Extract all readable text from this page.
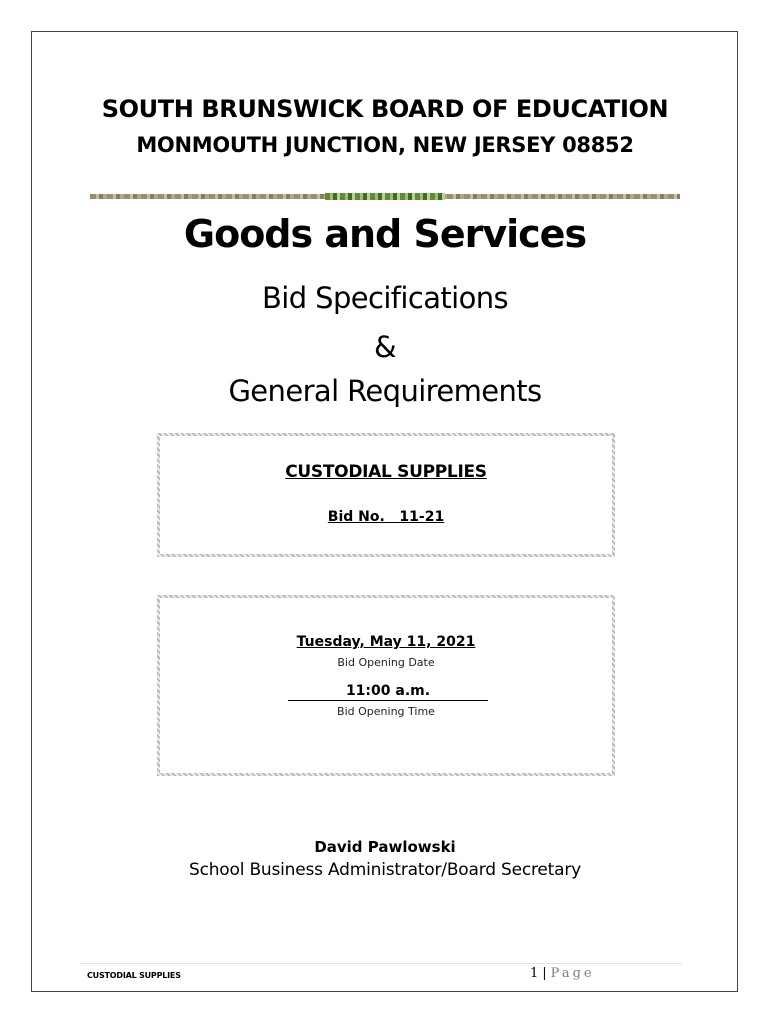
SOUTH BRUNSWICK BOARD OF EDUCATION
MONMOUTH JUNCTION, NEW JERSEY 08852
Goods and Services
Bid Specifications
&
General Requirements
CUSTODIAL SUPPLIES
Bid No.   11-21
Tuesday, May 11, 2021
Bid Opening Date
11:00 a.m.
Bid Opening Time
David Pawlowski
School Business Administrator/Board Secretary
CUSTODIAL SUPPLIES	1 | Page
